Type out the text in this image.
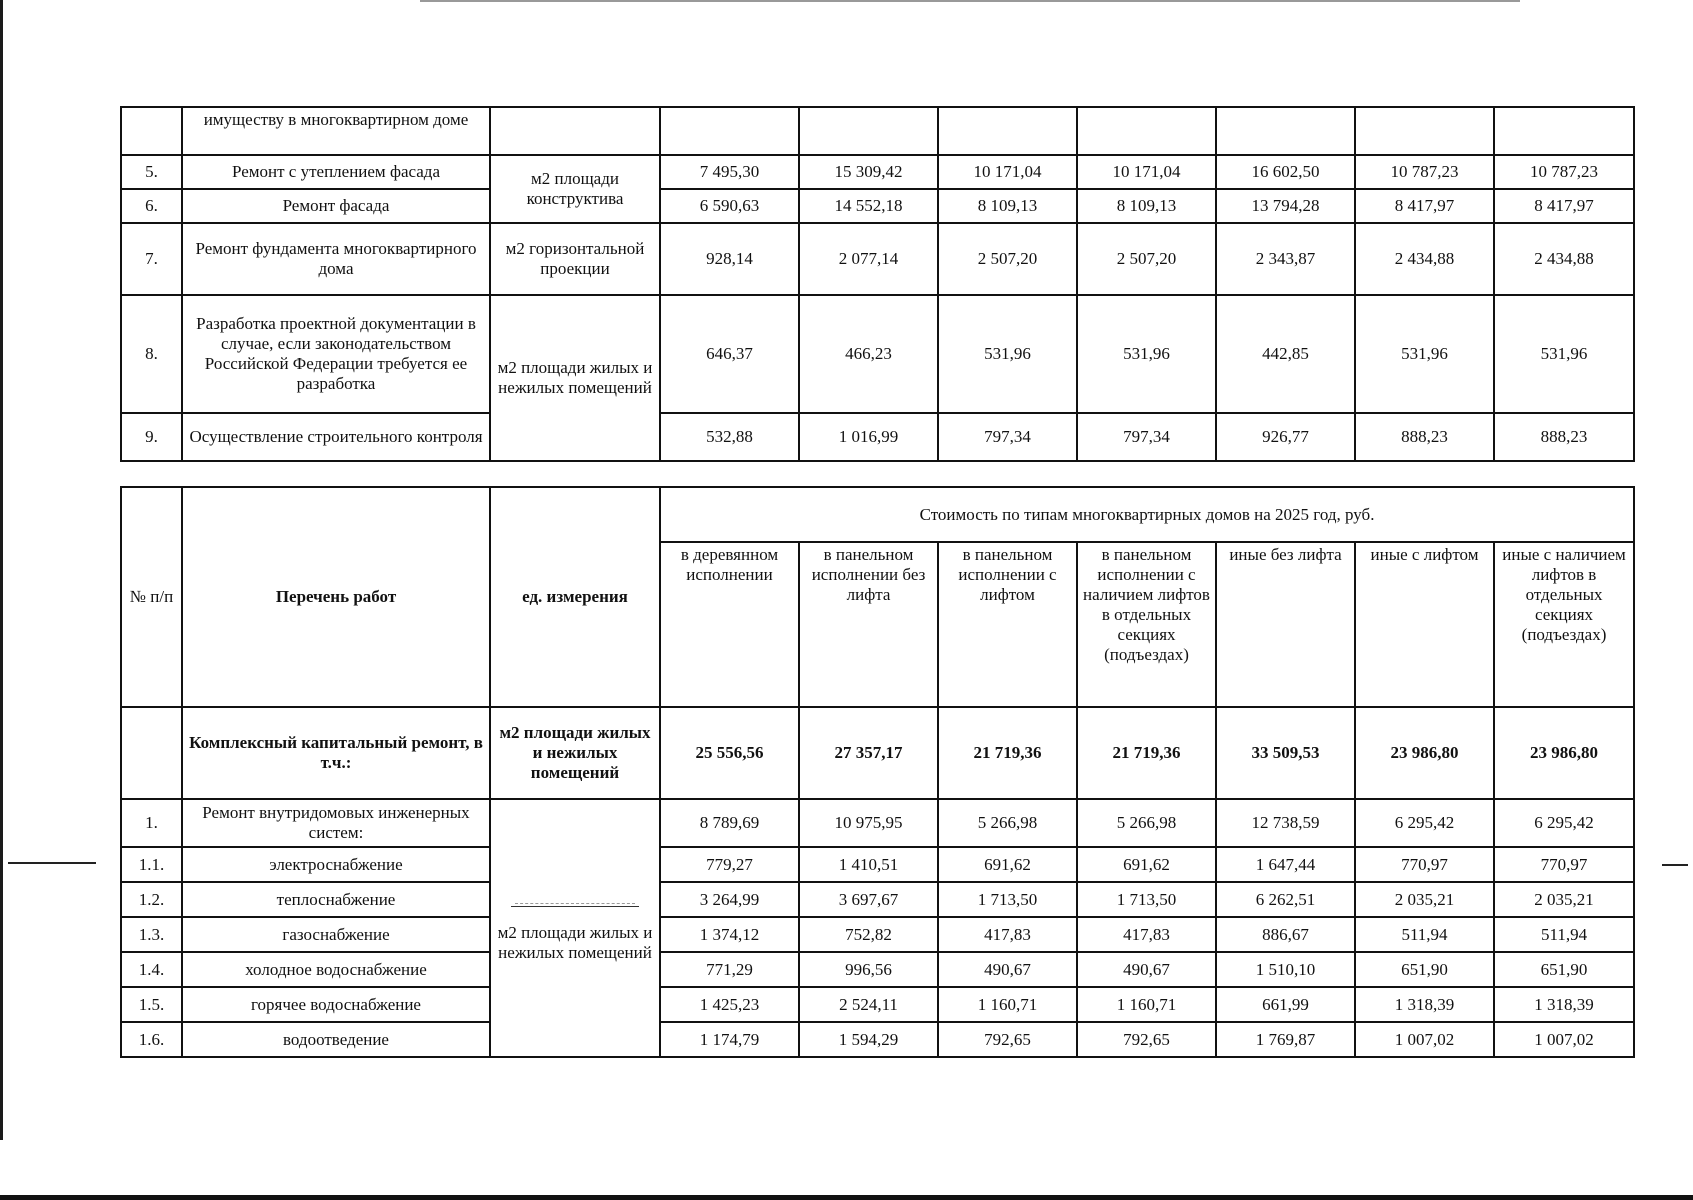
	имуществу в многоквартирном доме								
5.	Ремонт с утеплением фасада	м2 площади конструктива	7 495,30	15 309,42	10 171,04	10 171,04	16 602,50	10 787,23	10 787,23
6.	Ремонт фасада		6 590,63	14 552,18	8 109,13	8 109,13	13 794,28	8 417,97	8 417,97
7.	Ремонт фундамента многоквартирного дома	м2 горизонтальной проекции	928,14	2 077,14	2 507,20	2 507,20	2 343,87	2 434,88	2 434,88
8.	Разработка проектной документации в случае, если законодательством Российской Федерации требуется ее разработка	м2 площади жилых и нежилых помещений	646,37	466,23	531,96	531,96	442,85	531,96	531,96
9.	Осуществление строительного контроля		532,88	1 016,99	797,34	797,34	926,77	888,23	888,23
№ п/п	Перечень работ	ед. измерения	Стоимость по типам многоквартирных домов на 2025 год, руб.						
			в деревянном исполнении	в панельном исполнении без лифта	в панельном исполнении с лифтом	в панельном исполнении с наличием лифтов в отдельных секциях (подъездах)	иные без лифта	иные с лифтом	иные с наличием лифтов в отдельных секциях (подъездах)
	Комплексный капитальный ремонт, в т.ч.:	м2 площади жилых и нежилых помещений	25 556,56	27 357,17	21 719,36	21 719,36	33 509,53	23 986,80	23 986,80
1.	Ремонт внутридомовых инженерных систем:	м2 площади жилых и нежилых помещений	8 789,69	10 975,95	5 266,98	5 266,98	12 738,59	6 295,42	6 295,42
1.1.	электроснабжение		779,27	1 410,51	691,62	691,62	1 647,44	770,97	770,97
1.2.	теплоснабжение		3 264,99	3 697,67	1 713,50	1 713,50	6 262,51	2 035,21	2 035,21
1.3.	газоснабжение		1 374,12	752,82	417,83	417,83	886,67	511,94	511,94
1.4.	холодное водоснабжение		771,29	996,56	490,67	490,67	1 510,10	651,90	651,90
1.5.	горячее водоснабжение		1 425,23	2 524,11	1 160,71	1 160,71	661,99	1 318,39	1 318,39
1.6.	водоотведение		1 174,79	1 594,29	792,65	792,65	1 769,87	1 007,02	1 007,02
